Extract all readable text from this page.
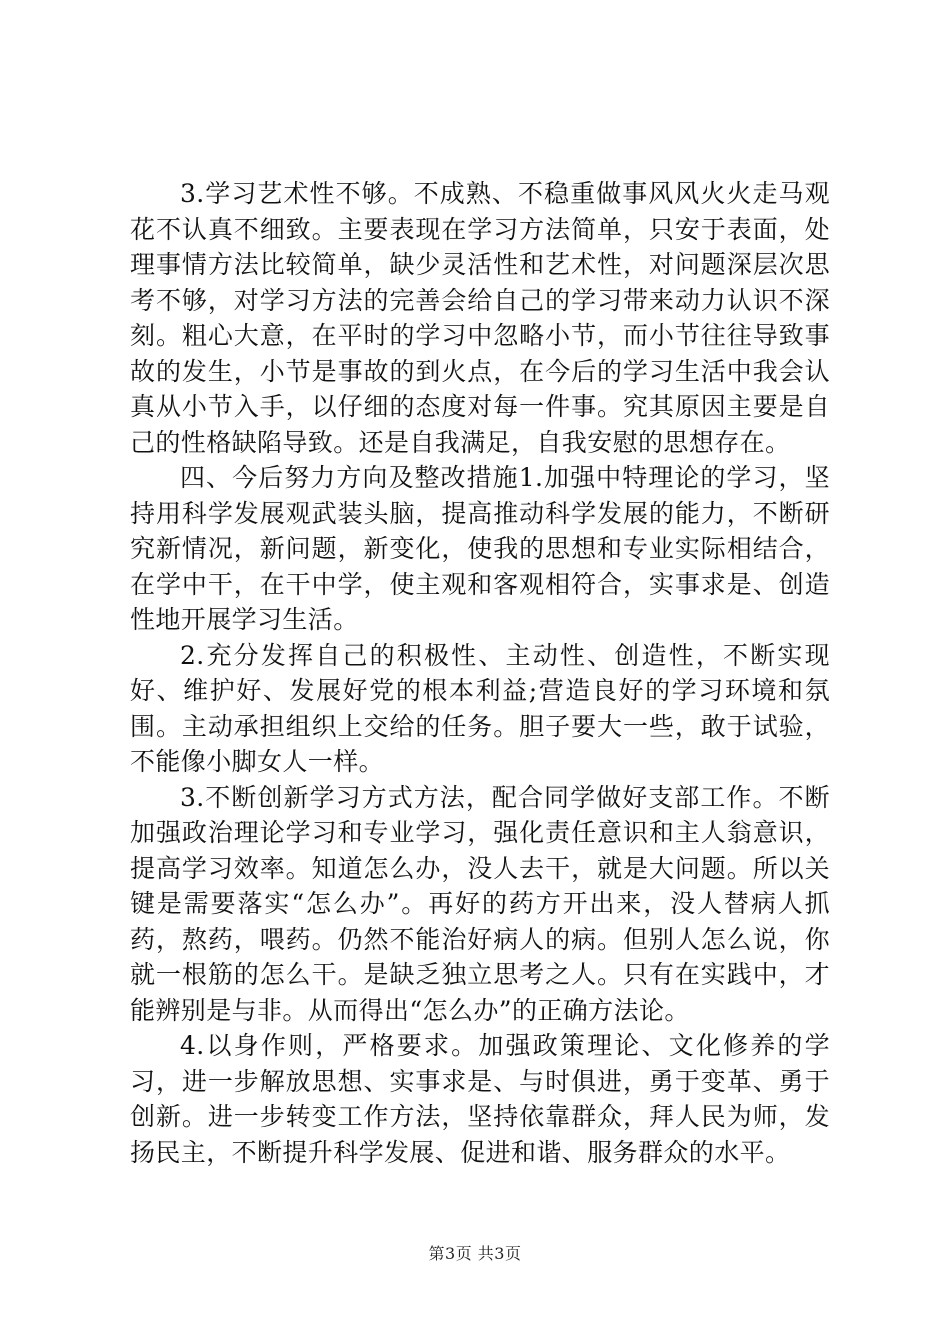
3.学习艺术性不够。不成熟、不稳重做事风风火火走马观花不认真不细致。主要表现在学习方法简单，只安于表面，处理事情方法比较简单，缺少灵活性和艺术性，对问题深层次思考不够，对学习方法的完善会给自己的学习带来动力认识不深刻。粗心大意，在平时的学习中忽略小节，而小节往往导致事故的发生，小节是事故的到火点，在今后的学习生活中我会认真从小节入手，以仔细的态度对每一件事。究其原因主要是自己的性格缺陷导致。还是自我满足，自我安慰的思想存在。

四、今后努力方向及整改措施1.加强中特理论的学习，坚持用科学发展观武装头脑，提高推动科学发展的能力，不断研究新情况，新问题，新变化，使我的思想和专业实际相结合，在学中干，在干中学，使主观和客观相符合，实事求是、创造性地开展学习生活。

2.充分发挥自己的积极性、主动性、创造性，不断实现好、维护好、发展好党的根本利益;营造良好的学习环境和氛围。主动承担组织上交给的任务。胆子要大一些，敢于试验，不能像小脚女人一样。

3.不断创新学习方式方法，配合同学做好支部工作。不断加强政治理论学习和专业学习，强化责任意识和主人翁意识，提高学习效率。知道怎么办，没人去干，就是大问题。所以关键是需要落实“怎么办”。再好的药方开出来，没人替病人抓药，熬药，喂药。仍然不能治好病人的病。但别人怎么说，你就一根筋的怎么干。是缺乏独立思考之人。只有在实践中，才能辨别是与非。从而得出“怎么办”的正确方法论。

4.以身作则，严格要求。加强政策理论、文化修养的学习，进一步解放思想、实事求是、与时俱进，勇于变革、勇于创新。进一步转变工作方法，坚持依靠群众，拜人民为师，发扬民主，不断提升科学发展、促进和谐、服务群众的水平。

第3页 共3页
